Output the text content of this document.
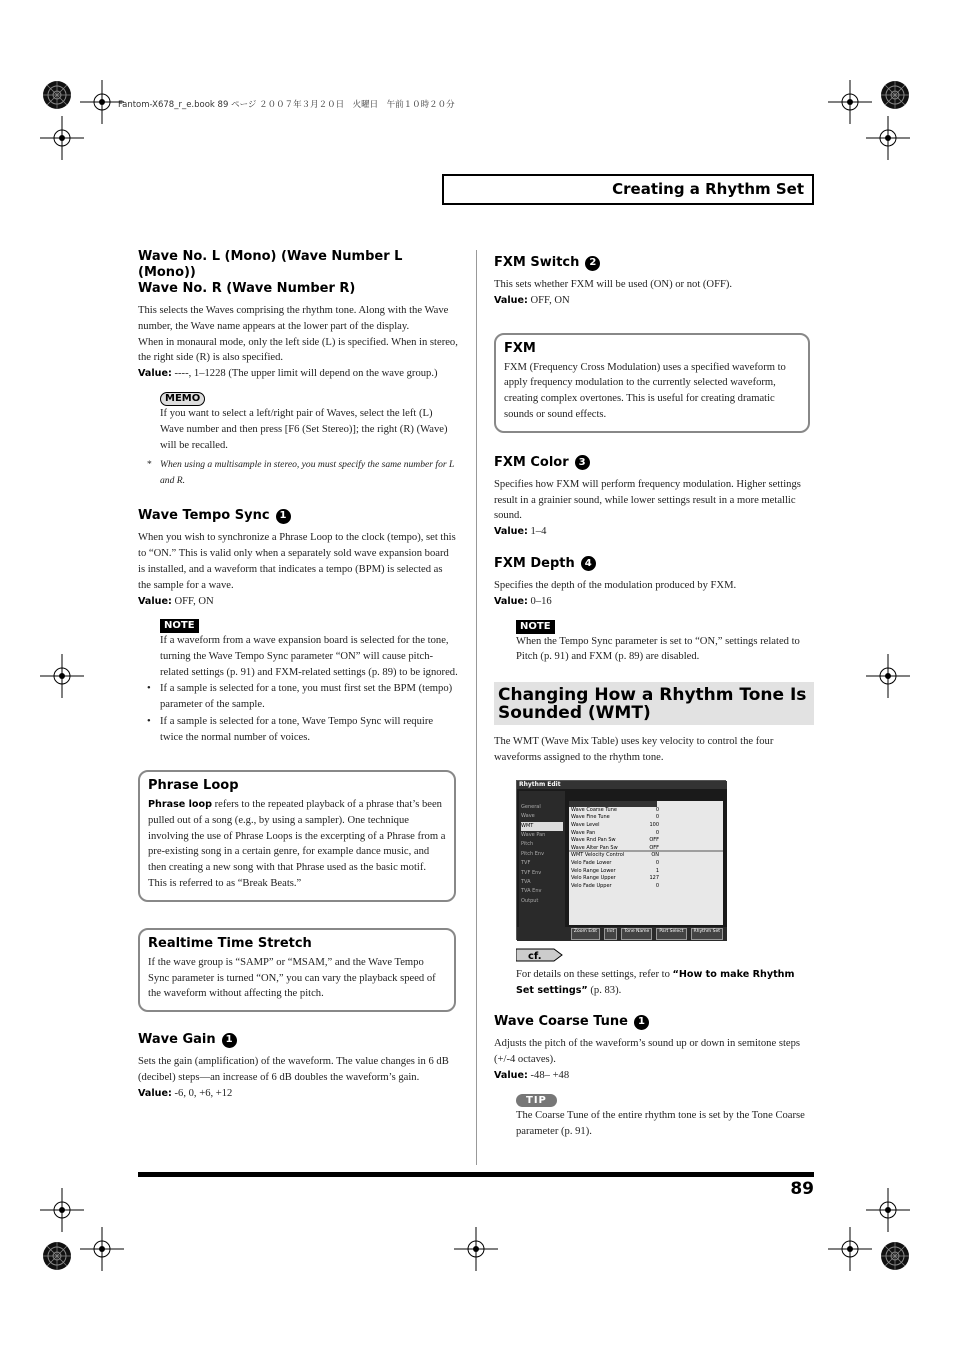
Fantom-X678_r_e.book 89 ページ ２００７年３月２０日　火曜日　午前１０時２０分
Creating a Rhythm Set
Wave No. L (Mono) (Wave Number L (Mono))
Wave No. R (Wave Number R)

This selects the Waves comprising the rhythm tone. Along with the Wave number, the Wave name appears at the lower part of the display.

When in monaural mode, only the left side (L) is specified. When in stereo, the right side (R) is also specified.

Value: ----, 1–1228 (The upper limit will depend on the wave group.)
MEMO

If you want to select a left/right pair of Waves, select the left (L) Wave number and then press [F6 (Set Stereo)]; the right (R) (Wave) will be recalled.

* When using a multisample in stereo, you must specify the same number for L and R.
Wave Tempo Sync	1

When you wish to synchronize a Phrase Loop to the clock (tempo), set this to “ON.” This is valid only when a separately sold wave expansion board is installed, and a waveform that indicates a tempo (BPM) is selected as the sample for a wave.

Value: OFF, ON
NOTE

If a waveform from a wave expansion board is selected for the tone, turning the Wave Tempo Sync parameter “ON” will cause pitch-related settings (p. 91) and FXM-related settings (p. 89) to be ignored.

• If a sample is selected for a tone, you must first set the BPM (tempo) parameter of the sample.

• If a sample is selected for a tone, Wave Tempo Sync will require twice the normal number of voices.

Phrase Loop

Phrase loop refers to the repeated playback of a phrase that’s been pulled out of a song (e.g., by using a sampler). One technique involving the use of Phrase Loops is the excerpting of a Phrase from a pre-existing song in a certain genre, for example dance music, and then creating a new song with that Phrase used as the basic motif. This is referred to as “Break Beats.”

Realtime Time Stretch

If the wave group is “SAMP” or “MSAM,” and the Wave Tempo Sync parameter is turned “ON,” you can vary the playback speed of the waveform without affecting the pitch.

Wave Gain	1

Sets the gain (amplification) of the waveform. The value changes in 6 dB (decibel) steps—an increase of 6 dB doubles the waveform’s gain.

Value: -6, 0, +6, +12
FXM Switch	2

This sets whether FXM will be used (ON) or not (OFF).

Value: OFF, ON
FXM

FXM (Frequency Cross Modulation) uses a specified waveform to apply frequency modulation to the currently selected waveform, creating complex overtones. This is useful for creating dramatic sounds or sound effects.

FXM Color	3

Specifies how FXM will perform frequency modulation. Higher settings result in a grainier sound, while lower settings result in a more metallic sound.

Value: 1–4
FXM Depth	4

Specifies the depth of the modulation produced by FXM.

Value: 0–16
NOTE

When the Tempo Sync parameter is set to “ON,” settings related to Pitch (p. 91) and FXM (p. 89) are disabled.

Changing How a Rhythm Tone Is
Sounded (WMT)

The WMT (Wave Mix Table) uses key velocity to control the four waveforms assigned to the rhythm tone.

Rhythm Edit
General
Wave
WMT
Wave Pan
Pitch
Pitch Env
TVF
TVF Env
TVA
TVA Env
Output
Wave Coarse Tune	0
Wave Fine Tune	0
Wave Level	100
Wave Pan	0
Wave Rnd Pan Sw	OFF
Wave Alter Pan Sw	OFF
WMT Velocity Control	ON
Velo Fade Lower	0
Velo Range Lower	1
Velo Range Upper	127
Velo Fade Upper	0
Zoom Edit	Init	Tone Name	Part Select	Rhythm Set
cf.

For details on these settings, refer to “How to make Rhythm Set settings” (p. 83).

Wave Coarse Tune	1

Adjusts the pitch of the waveform’s sound up or down in semitone steps (+/-4 octaves).

Value: -48– +48
TIP

The Coarse Tune of the entire rhythm tone is set by the Tone Coarse parameter (p. 91).

89
